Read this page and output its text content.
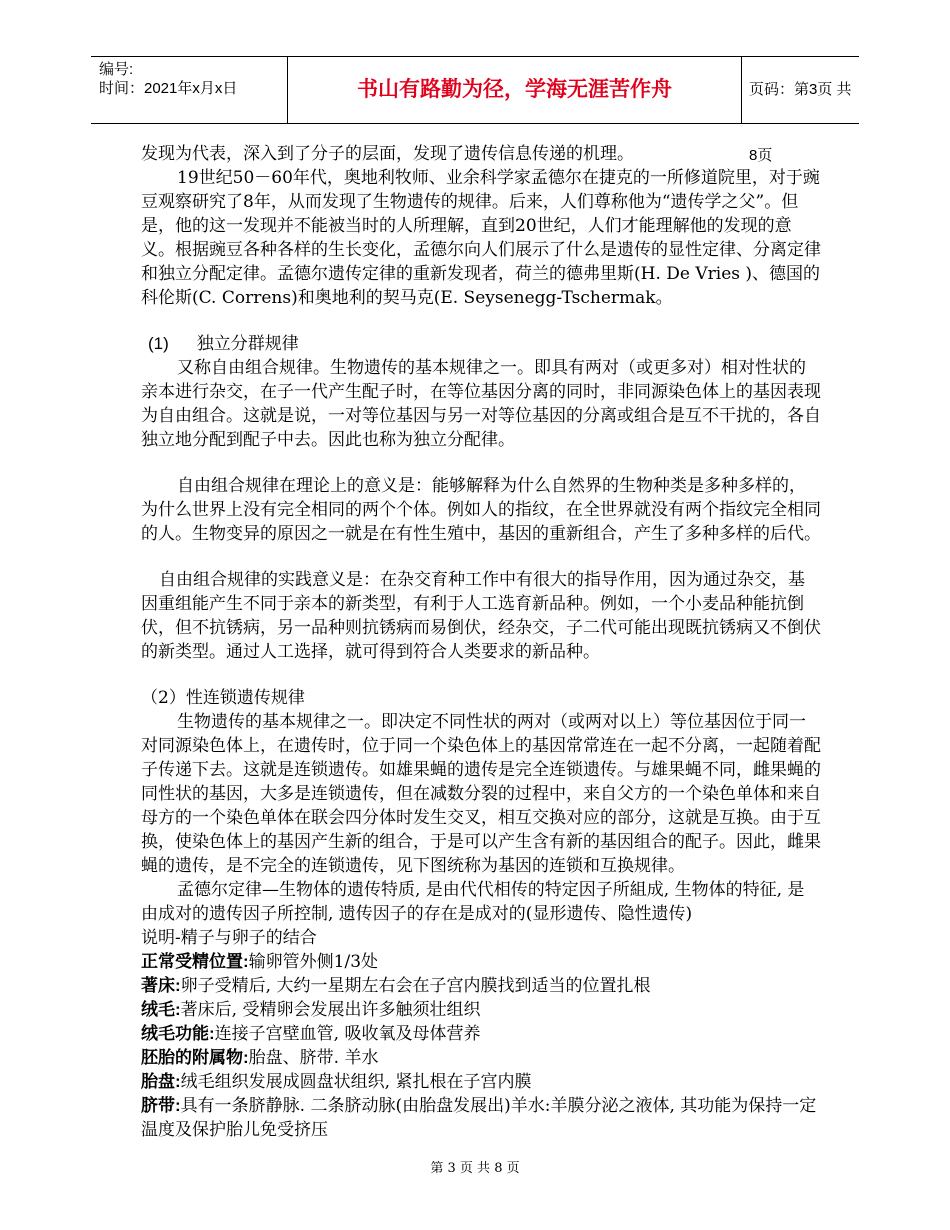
编号:
时间：2021年x月x日	书山有路勤为径，学海无涯苦作舟	页码：第3页 共8页

发现为代表，深入到了分子的层面，发现了遗传信息传递的机理。

19世纪50－60年代，奥地利牧师、业余科学家孟德尔在捷克的一所修道院里，对于豌豆观察研究了8年，从而发现了生物遗传的规律。后来，人们尊称他为“遗传学之父”。但是，他的这一发现并不能被当时的人所理解，直到20世纪，人们才能理解他的发现的意义。根据豌豆各种各样的生长变化，孟德尔向人们展示了什么是遗传的显性定律、分离定律和独立分配定律。孟德尔遗传定律的重新发现者，荷兰的德弗里斯(H. De Vries )、德国的科伦斯(C. Correns)和奥地利的契马克(E. Seysenegg-Tschermak。

(1) 独立分群规律

又称自由组合规律。生物遗传的基本规律之一。即具有两对（或更多对）相对性状的亲本进行杂交，在子一代产生配子时，在等位基因分离的同时，非同源染色体上的基因表现为自由组合。这就是说，一对等位基因与另一对等位基因的分离或组合是互不干扰的，各自独立地分配到配子中去。因此也称为独立分配律。

自由组合规律在理论上的意义是：能够解释为什么自然界的生物种类是多种多样的，为什么世界上没有完全相同的两个个体。例如人的指纹，在全世界就没有两个指纹完全相同的人。生物变异的原因之一就是在有性生殖中，基因的重新组合，产生了多种多样的后代。

自由组合规律的实践意义是：在杂交育种工作中有很大的指导作用，因为通过杂交，基因重组能产生不同于亲本的新类型，有利于人工选育新品种。例如，一个小麦品种能抗倒伏，但不抗锈病，另一品种则抗锈病而易倒伏，经杂交，子二代可能出现既抗锈病又不倒伏的新类型。通过人工选择，就可得到符合人类要求的新品种。

（2）性连锁遗传规律

生物遗传的基本规律之一。即决定不同性状的两对（或两对以上）等位基因位于同一对同源染色体上，在遗传时，位于同一个染色体上的基因常常连在一起不分离，一起随着配子传递下去。这就是连锁遗传。如雄果蝇的遗传是完全连锁遗传。与雄果蝇不同，雌果蝇的同性状的基因，大多是连锁遗传，但在减数分裂的过程中，来自父方的一个染色单体和来自母方的一个染色单体在联会四分体时发生交叉，相互交换对应的部分，这就是互换。由于互换，使染色体上的基因产生新的组合，于是可以产生含有新的基因组合的配子。因此，雌果蝇的遗传，是不完全的连锁遗传，见下图统称为基因的连锁和互换规律。

孟德尔定律—生物体的遗传特质, 是由代代相传的特定因子所組成, 生物体的特征, 是由成对的遗传因子所控制, 遗传因子的存在是成对的(显形遗传、隐性遗传)

说明-精子与卵子的结合

正常受精位置:输卵管外侧1/3处

著床:卵子受精后, 大约一星期左右会在子宫内膜找到适当的位置扎根

绒毛:著床后, 受精卵会发展出许多触须壮组织

绒毛功能:连接子宫壁血管, 吸收氧及母体营养

胚胎的附属物:胎盘、脐带. 羊水

胎盘:绒毛组织发展成圆盘状组织, 紧扎根在子宫内膜

脐带:具有一条脐静脉. 二条脐动脉(由胎盘发展出)羊水:羊膜分泌之液体, 其功能为保持一定温度及保护胎儿免受挤压

第 3 页 共 8 页
